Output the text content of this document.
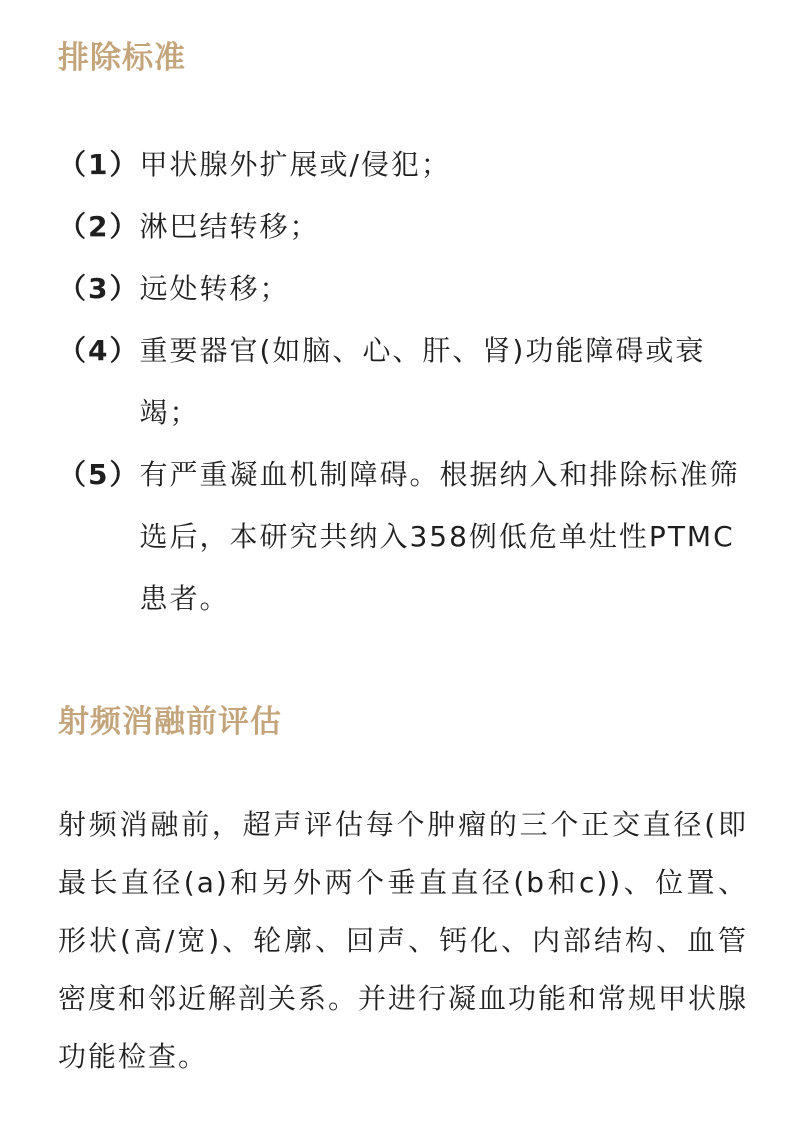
排除标准
（1） 甲状腺外扩展或/侵犯；
（2） 淋巴结转移；
（3） 远处转移；
（4） 重要器官(如脑、心、肝、肾)功能障碍或衰竭；
（5） 有严重凝血机制障碍。根据纳入和排除标准筛选后，本研究共纳入358例低危单灶性PTMC患者。
射频消融前评估

射频消融前，超声评估每个肿瘤的三个正交直径(即最长直径(a)和另外两个垂直直径(b和c))、位置、形状(高/宽)、轮廓、回声、钙化、内部结构、血管密度和邻近解剖关系。并进行凝血功能和常规甲状腺功能检查。
